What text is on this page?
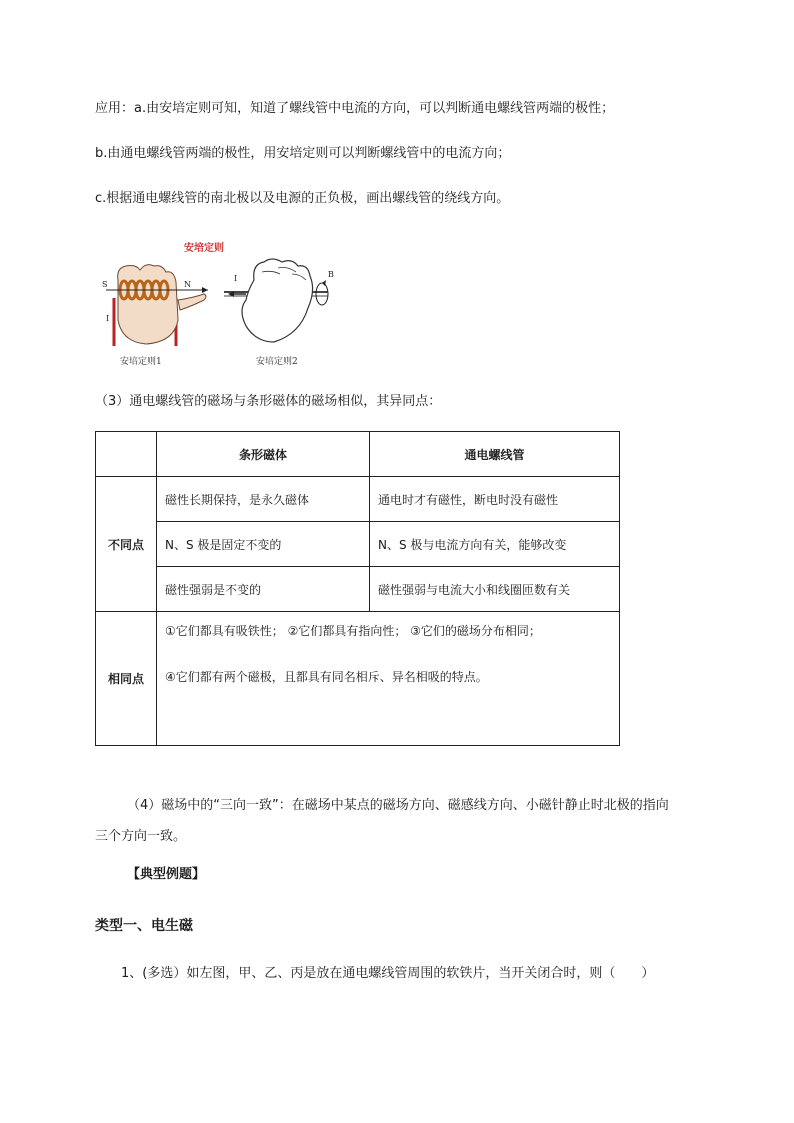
应用：a.由安培定则可知，知道了螺线管中电流的方向，可以判断通电螺线管两端的极性；
b.由通电螺线管两端的极性，用安培定则可以判断螺线管中的电流方向；
c.根据通电螺线管的南北极以及电源的正负极，画出螺线管的绕线方向。
安培定则
S	N
I
I	B
安培定则1	安培定则2
（3）通电螺线管的磁场与条形磁体的磁场相似，其异同点：
	条形磁体	通电螺线管
不同点	磁性长期保持，是永久磁体	通电时才有磁性，断电时没有磁性
	N、S 极是固定不变的	N、S 极与电流方向有关，能够改变
	磁性强弱是不变的	磁性强弱与电流大小和线圈匝数有关
相同点	①它们都具有吸铁性； ②它们都具有指向性； ③它们的磁场分布相同；
④它们都有两个磁极，且都具有同名相斥、异名相吸的特点。	
（4）磁场中的“三向一致”：在磁场中某点的磁场方向、磁感线方向、小磁针静止时北极的指向
三个方向一致。
【典型例题】
类型一、电生磁
1、(多选）如左图，甲、乙、丙是放在通电螺线管周围的软铁片，当开关闭合时，则（　　）
